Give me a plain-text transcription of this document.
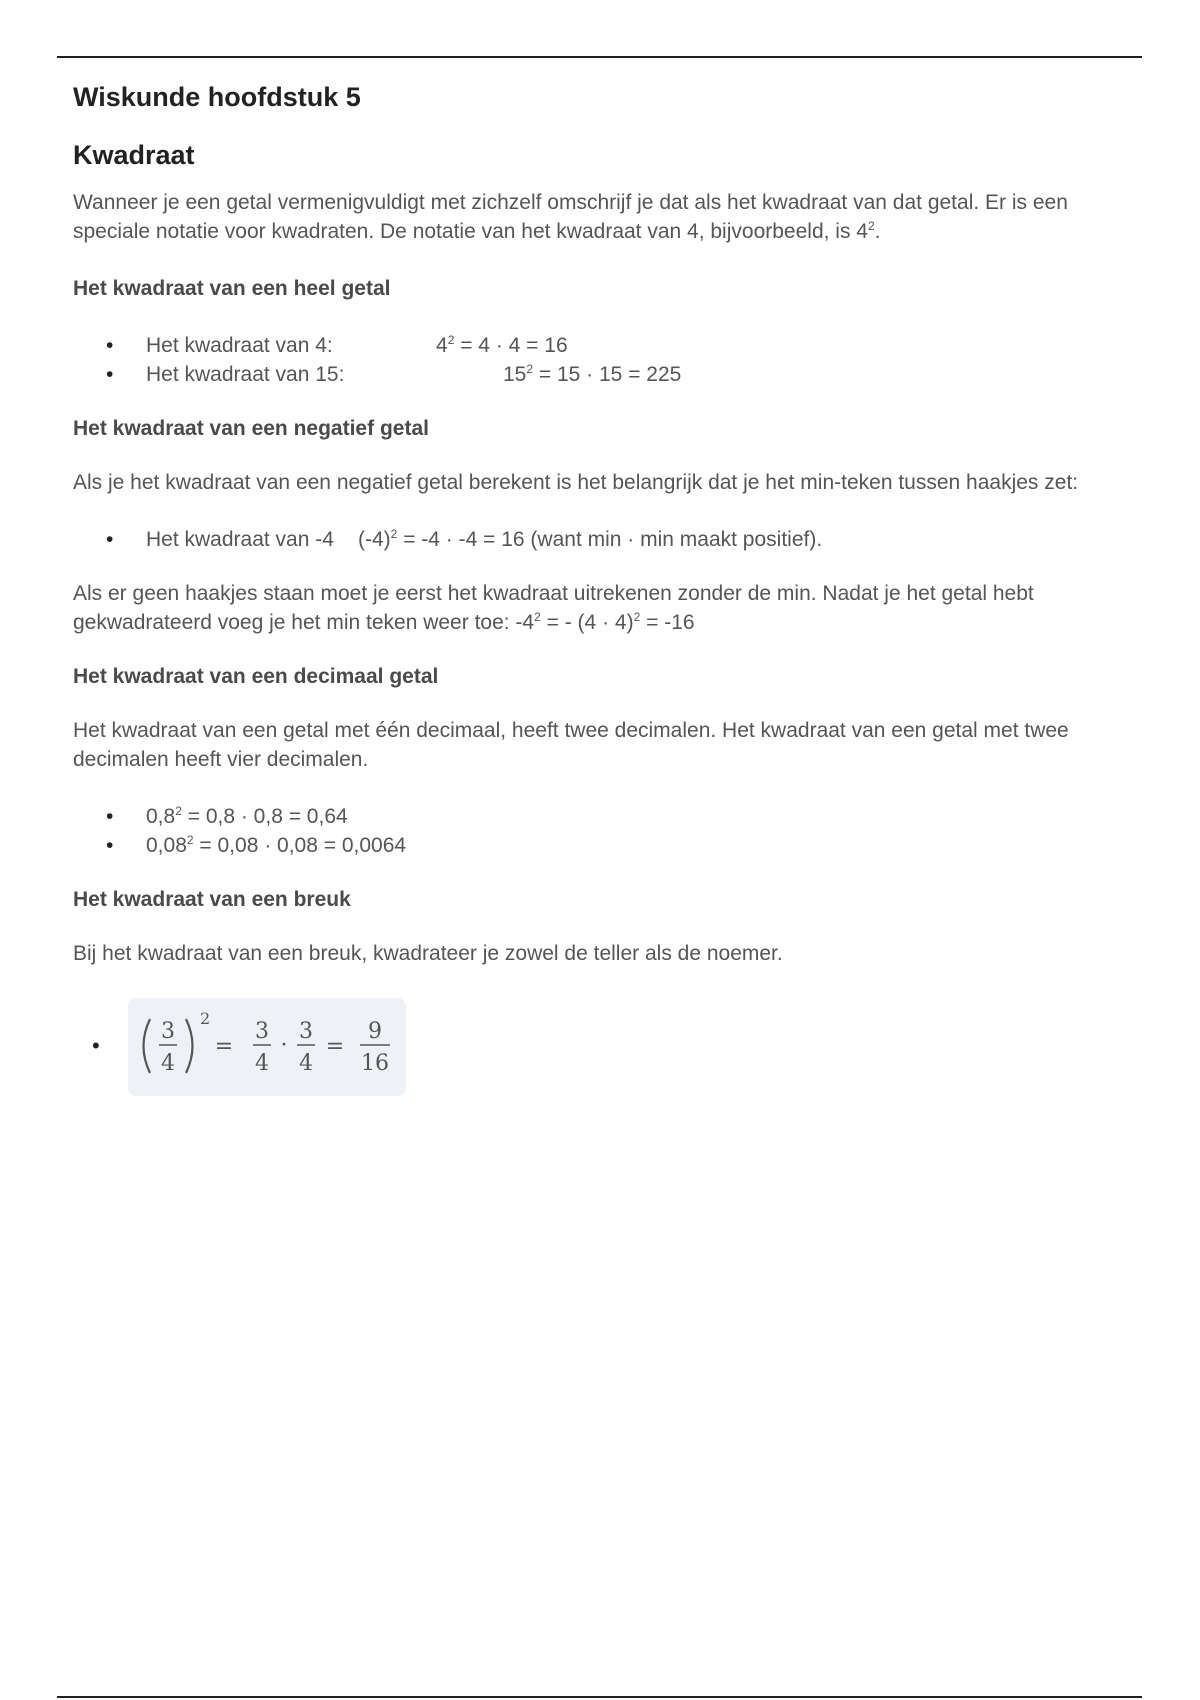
Wiskunde hoofdstuk 5
Kwadraat

Wanneer je een getal vermenigvuldigt met zichzelf omschrijf je dat als het kwadraat van dat getal. Er is een
speciale notatie voor kwadraten. De notatie van het kwadraat van 4, bijvoorbeeld, is $4^2$.

Het kwadraat van een heel getal
• Het kwadraat van 4:	$4^2 = 4 \cdot 4 = 16$
• Het kwadraat van 15:	$15^2 = 15 \cdot 15 = 225$
Het kwadraat van een negatief getal

Als je het kwadraat van een negatief getal berekent is het belangrijk dat je het min-teken tussen haakjes zet:

• Het kwadraat van -4 $(-4)^2 = -4 \cdot -4 = 16$ (want min · min maakt positief).

Als er geen haakjes staan moet je eerst het kwadraat uitrekenen zonder de min. Nadat je het getal hebt
gekwadrateerd voeg je het min teken weer toe: $-4^2$ = - $(4 \cdot 4)^2 = -16$

Het kwadraat van een decimaal getal

Het kwadraat van een getal met één decimaal, heeft twee decimalen. Het kwadraat van een getal met twee decimalen heeft vier decimalen.

• $0,8^2 = 0,8 \cdot 0,8 = 0,64$
• $0,08^2 = 0,08 \cdot 0,08 = 0,0064$
Het kwadraat van een breuk

Bij het kwadraat van een breuk, kwadrateer je zowel de teller als de noemer.

•
3
4
2
=
3
4
·
3
4
=
9
16
